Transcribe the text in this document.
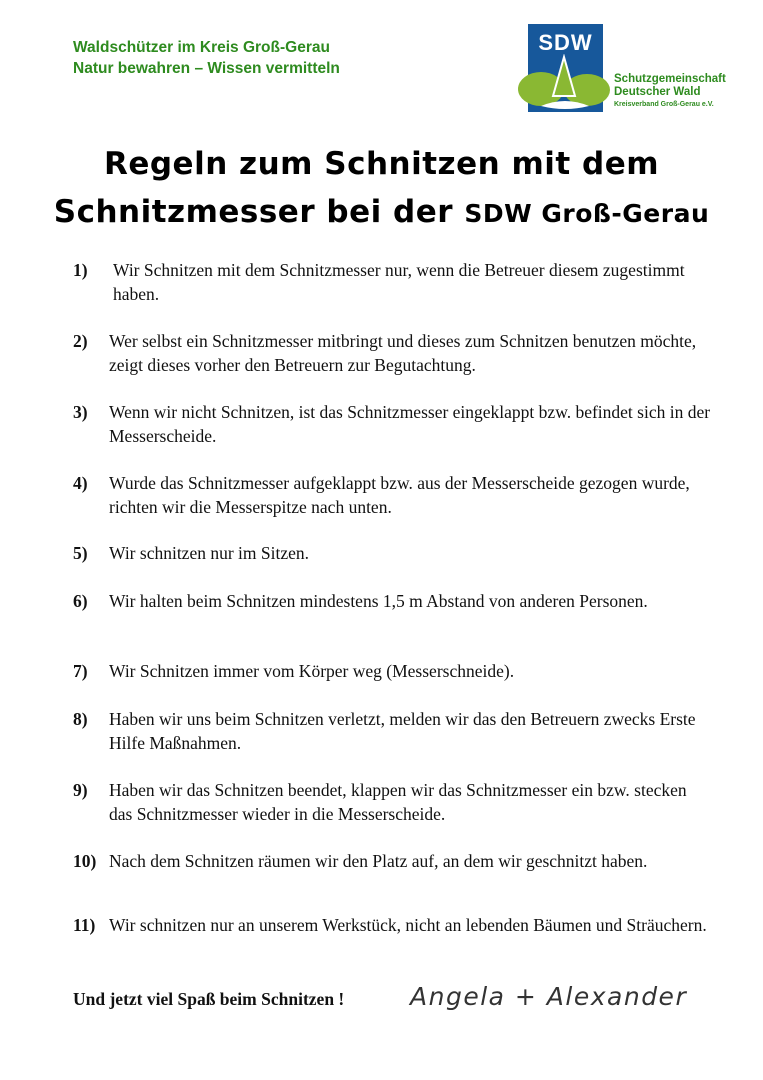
Waldschützer im Kreis Groß-Gerau
Natur bewahren – Wissen vermitteln
SDW
Schutzgemeinschaft
Deutscher Wald
Kreisverband Groß-Gerau e.V.
Regeln zum Schnitzen mit dem
Schnitzmesser bei der SDW Groß-Gerau
1)	Wir Schnitzen mit dem Schnitzmesser nur, wenn die Betreuer diesem zugestimmt haben.
2)	Wer selbst ein Schnitzmesser mitbringt und dieses zum Schnitzen benutzen möchte, zeigt dieses vorher den Betreuern zur Begutachtung.
3)	Wenn wir nicht Schnitzen, ist das Schnitzmesser eingeklappt bzw. befindet sich in der Messerscheide.
4)	Wurde das Schnitzmesser aufgeklappt bzw. aus der Messerscheide gezogen wurde, richten wir die Messerspitze nach unten.
5)	Wir schnitzen nur im Sitzen.
6)	Wir halten beim Schnitzen mindestens 1,5 m Abstand von anderen Personen.
7)	Wir Schnitzen immer vom Körper weg (Messerschneide).
8)	Haben wir uns beim Schnitzen verletzt, melden wir das den Betreuern zwecks Erste Hilfe Maßnahmen.
9)	Haben wir das Schnitzen beendet, klappen wir das Schnitzmesser ein bzw. stecken das Schnitzmesser wieder in die Messerscheide.
10) Nach dem Schnitzen räumen wir den Platz auf, an dem wir geschnitzt haben.
11) Wir schnitzen nur an unserem Werkstück, nicht an lebenden Bäumen und Sträuchern.
Und jetzt viel Spaß beim Schnitzen !	Angela + Alexander
